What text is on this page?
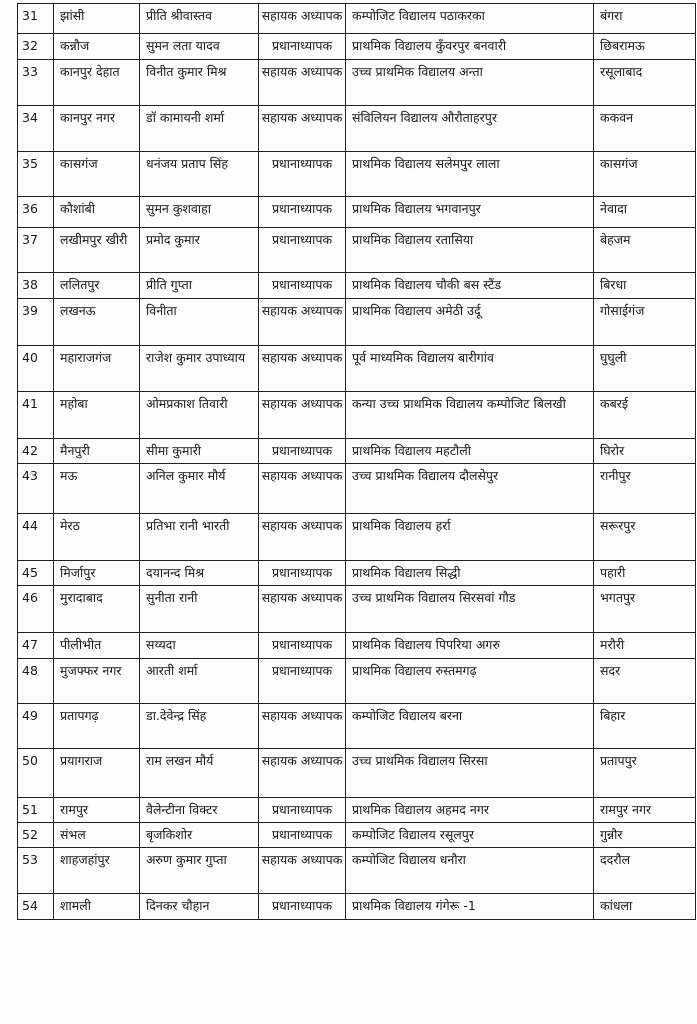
31	झांसी	प्रीति श्रीवास्तव	सहायक अध्यापक	कम्पोजिट विद्यालय पठाकरका	बंगरा
32	कन्नौज	सुमन लता यादव	प्रधानाध्यापक	प्राथमिक विद्यालय कुँवरपुर बनवारी	छिबरामऊ
33	कानपुर देहात	विनीत कुमार मिश्र	सहायक अध्यापक	उच्च प्राथमिक विद्यालय अन्ता	रसूलाबाद
34	कानपुर नगर	डॉ कामायनी शर्मा	सहायक अध्यापक	संविलियन विद्यालय औरौताहरपुर	ककवन
35	कासगंज	धनंजय प्रताप सिंह	प्रधानाध्यापक	प्राथमिक विद्यालय सलेमपुर लाला	कासगंज
36	कौशांबी	सुमन कुशवाहा	प्रधानाध्यापक	प्राथमिक विद्यालय भगवानपुर	नेवादा
37	लखीमपुर खीरी	प्रमोद कुमार	प्रधानाध्यापक	प्राथमिक विद्यालय रतासिया	बेहजम
38	ललितपुर	प्रीति गुप्ता	प्रधानाध्यापक	प्राथमिक विद्यालय चौकी बस स्टैंड	बिरधा
39	लखनऊ	विनीता	सहायक अध्यापक	प्राथमिक विद्यालय अमेठी उर्दू	गोसाईगंज
40	महाराजगंज	राजेश कुमार उपाध्याय	सहायक अध्यापक	पूर्व माध्यमिक विद्यालय बारीगांव	घुघुली
41	महोबा	ओमप्रकाश तिवारी	सहायक अध्यापक	कन्या उच्च प्राथमिक विद्यालय कम्पोजिट बिलखी	कबरई
42	मैनपुरी	सीमा कुमारी	प्रधानाध्यापक	प्राथमिक विद्यालय महटौली	घिरोर
43	मऊ	अनिल कुमार मौर्य	सहायक अध्यापक	उच्च प्राथमिक विद्यालय दौलसेपुर	रानीपुर
44	मेरठ	प्रतिभा रानी भारती	सहायक अध्यापक	प्राथमिक विद्यालय हर्रा	सरूरपुर
45	मिर्जापुर	दयानन्द मिश्र	प्रधानाध्यापक	प्राथमिक विद्यालय सिद्धी	पहारी
46	मुरादाबाद	सुनीता रानी	सहायक अध्यापक	उच्च प्राथमिक विद्यालय सिरसवां गौड	भगतपुर
47	पीलीभीत	सय्यदा	प्रधानाध्यापक	प्राथमिक विद्यालय पिपरिया अगरु	मरौरी
48	मुजफ्फर नगर	आरती शर्मा	प्रधानाध्यापक	प्राथमिक विद्यालय रुस्तमगढ़	सदर
49	प्रतापगढ़	डा.देवेन्द्र सिंह	सहायक अध्यापक	कम्पोजिट विद्यालय बरना	बिहार
50	प्रयागराज	राम लखन मौर्य	सहायक अध्यापक	उच्च प्राथमिक विद्यालय सिरसा	प्रतापपुर
51	रामपुर	वैलेन्टीना विक्टर	प्रधानाध्यापक	प्राथमिक विद्यालय अहमद नगर	रामपुर नगर
52	संभल	बृजकिशोर	प्रधानाध्यापक	कम्पोजिट विद्यालय रसूलपुर	गुन्नौर
53	शाहजहांपुर	अरुण कुमार गुप्ता	सहायक अध्यापक	कम्पोजिट विद्यालय धनौरा	ददरौल
54	शामली	दिनकर चौहान	प्रधानाध्यापक	प्राथमिक विद्यालय गंगेरू -1	कांधला
